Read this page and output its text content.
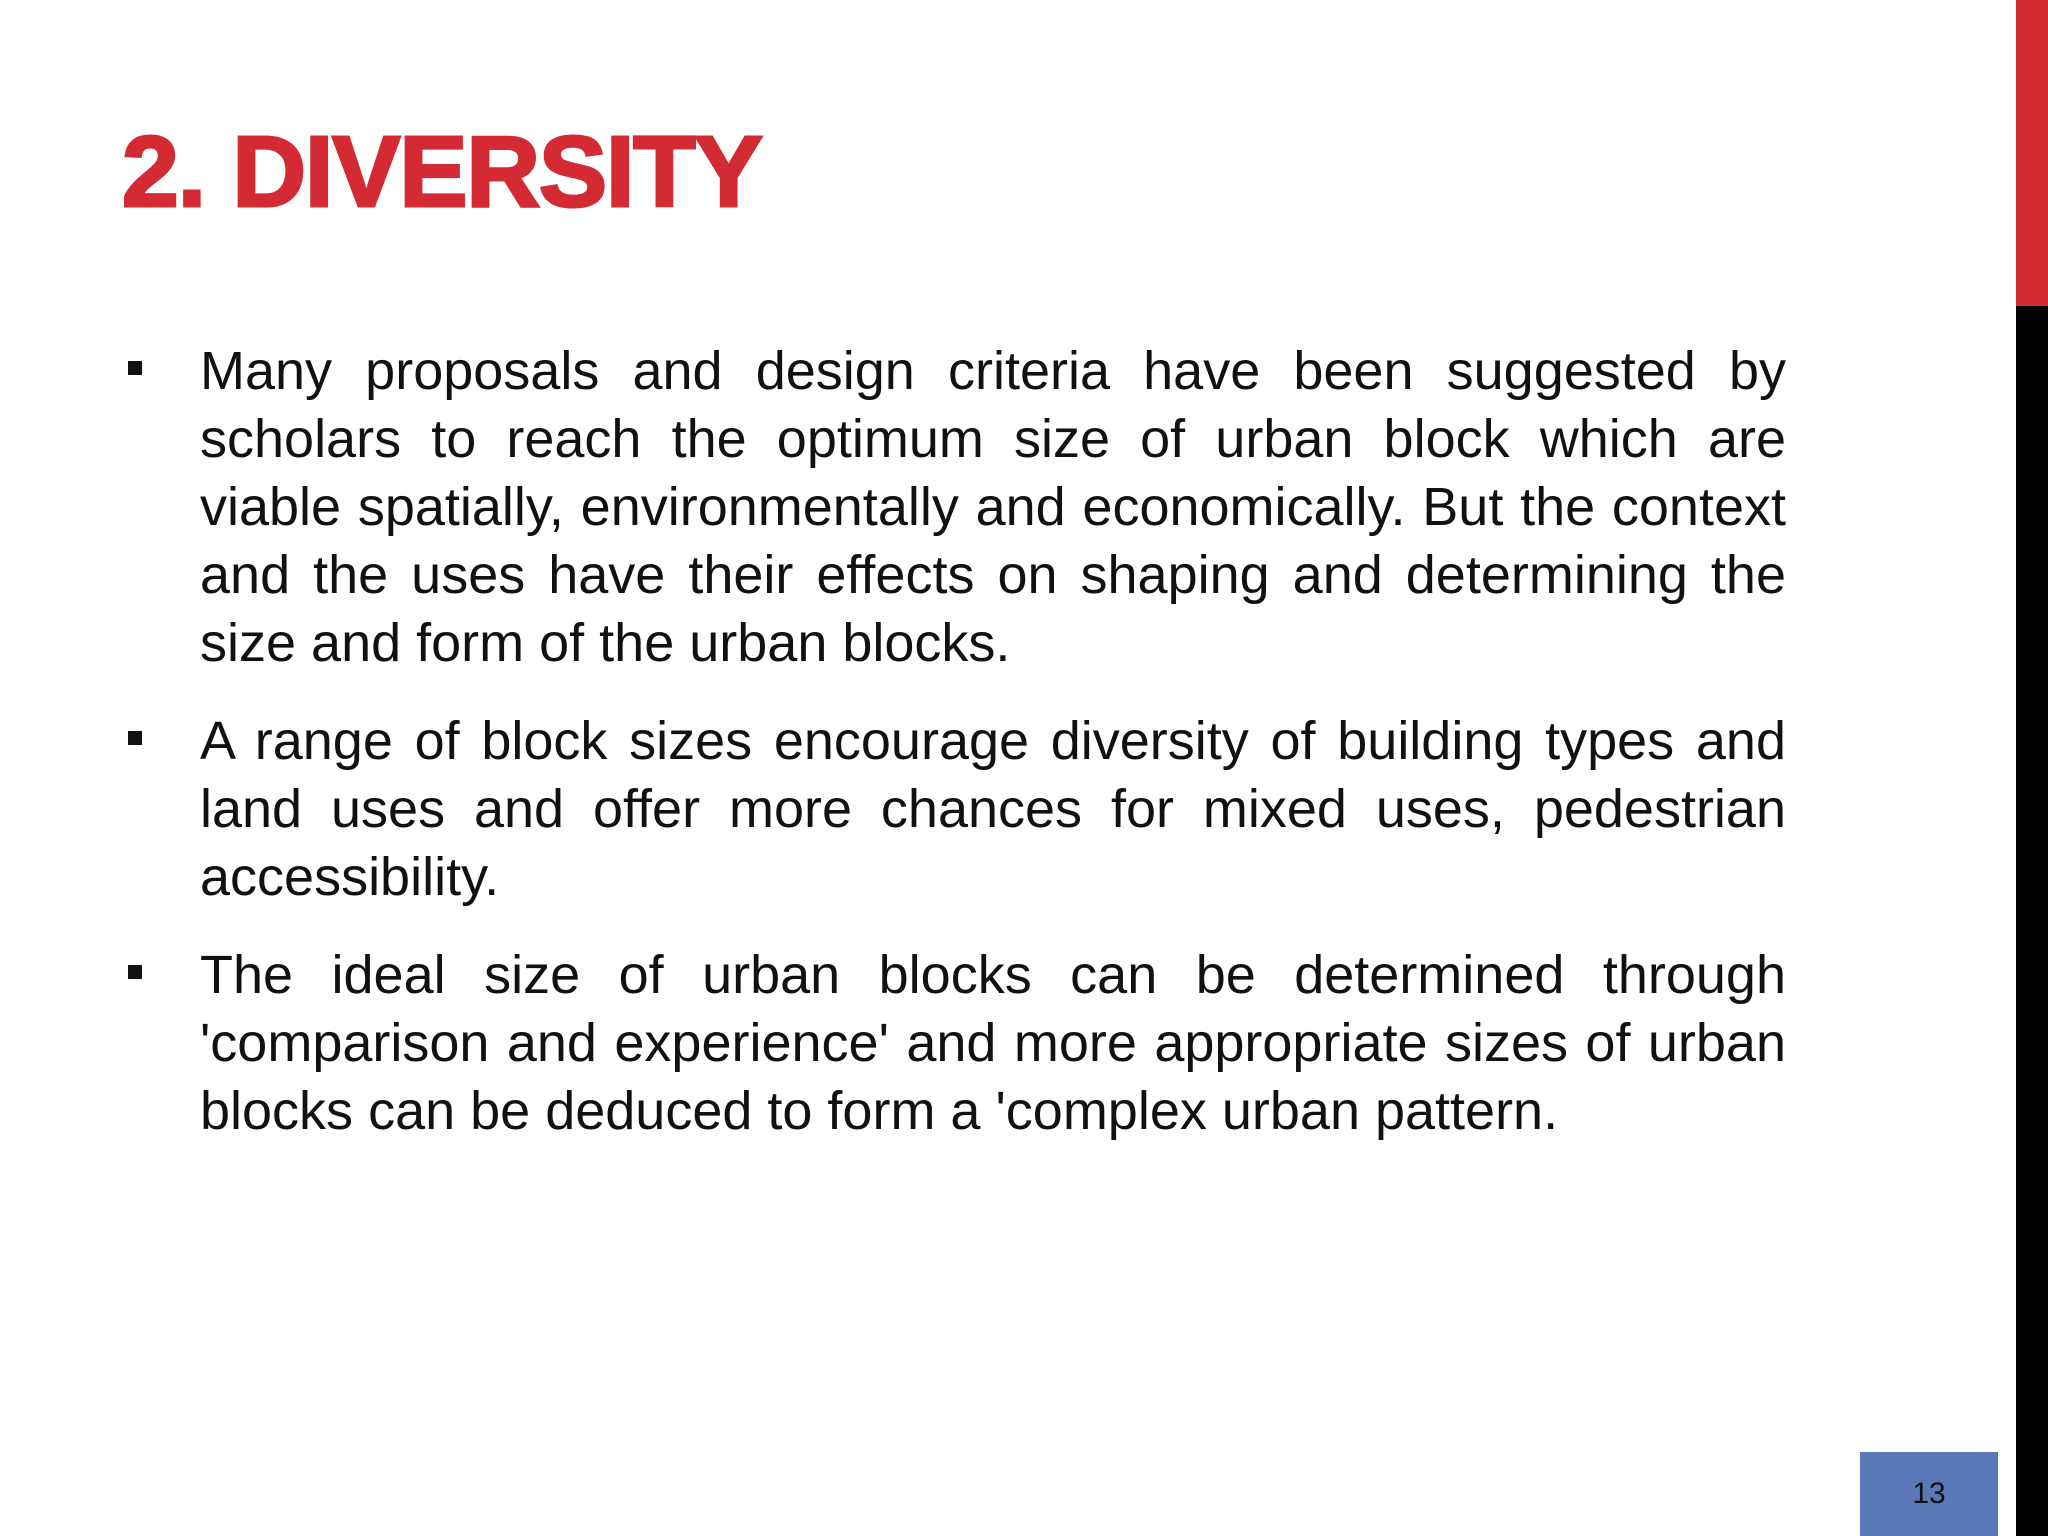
2. DIVERSITY
Many proposals and design criteria have been suggested by scholars to reach the optimum size of urban block which are viable spatially, environmentally and economically. But the context and the uses have their effects on shaping and determining the size and form of the urban blocks.
A range of block sizes encourage diversity of building types and land uses and offer more chances for mixed uses, pedestrian accessibility.
The ideal size of urban blocks can be determined through 'comparison and experience' and more appropriate sizes of urban blocks can be deduced to form a 'complex urban pattern.
13
